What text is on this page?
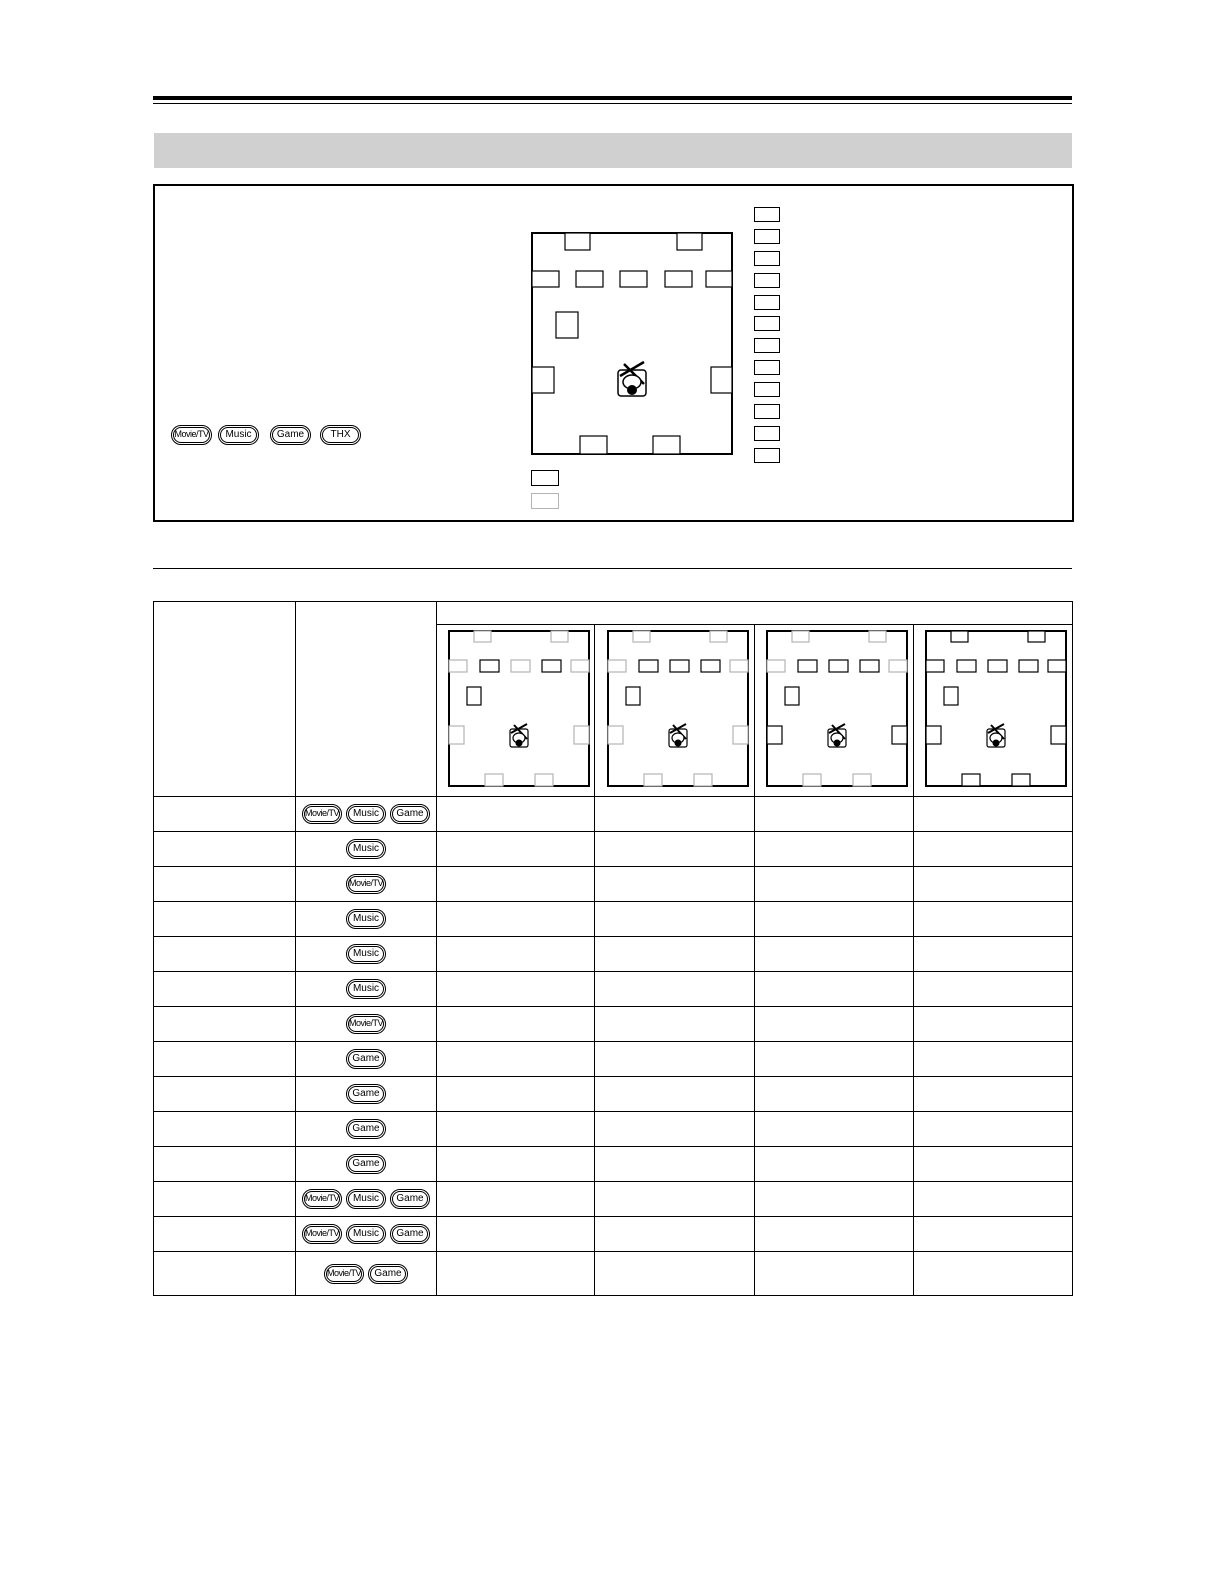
Movie/TV	Music	Game	THX

	Movie/TV Music Game				

	Music				

	Movie/TV				

	Music				

	Music				

	Music				

	Movie/TV				

	Game				

	Game				

	Game				

	Game				

	Movie/TV Music Game				

	Movie/TV Music Game				

	Movie/TV Game				
